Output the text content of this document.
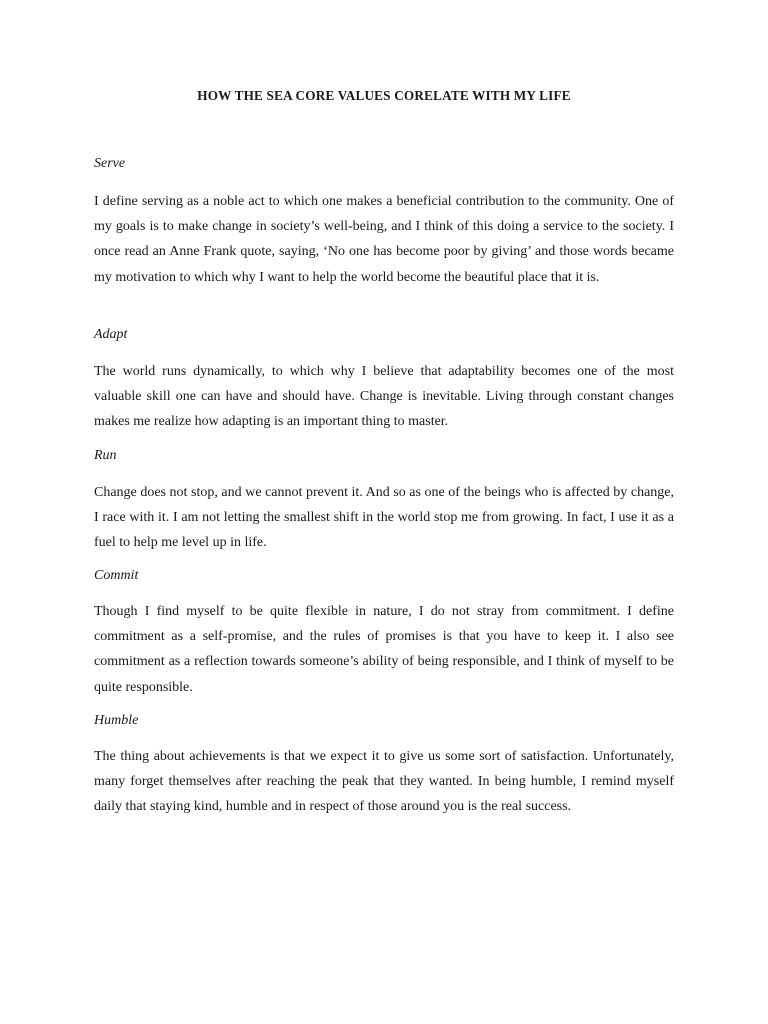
HOW THE SEA CORE VALUES CORELATE WITH MY LIFE

Serve

I define serving as a noble act to which one makes a beneficial contribution to the community. One of my goals is to make change in society’s well-being, and I think of this doing a service to the society. I once read an Anne Frank quote, saying, ‘No one has become poor by giving’ and those words became my motivation to which why I want to help the world become the beautiful place that it is.

Adapt

The world runs dynamically, to which why I believe that adaptability becomes one of the most valuable skill one can have and should have. Change is inevitable. Living through constant changes makes me realize how adapting is an important thing to master.

Run

Change does not stop, and we cannot prevent it. And so as one of the beings who is affected by change, I race with it. I am not letting the smallest shift in the world stop me from growing. In fact, I use it as a fuel to help me level up in life.

Commit

Though I find myself to be quite flexible in nature, I do not stray from commitment. I define commitment as a self-promise, and the rules of promises is that you have to keep it. I also see commitment as a reflection towards someone’s ability of being responsible, and I think of myself to be quite responsible.

Humble

The thing about achievements is that we expect it to give us some sort of satisfaction. Unfortunately, many forget themselves after reaching the peak that they wanted. In being humble, I remind myself daily that staying kind, humble and in respect of those around you is the real success.
